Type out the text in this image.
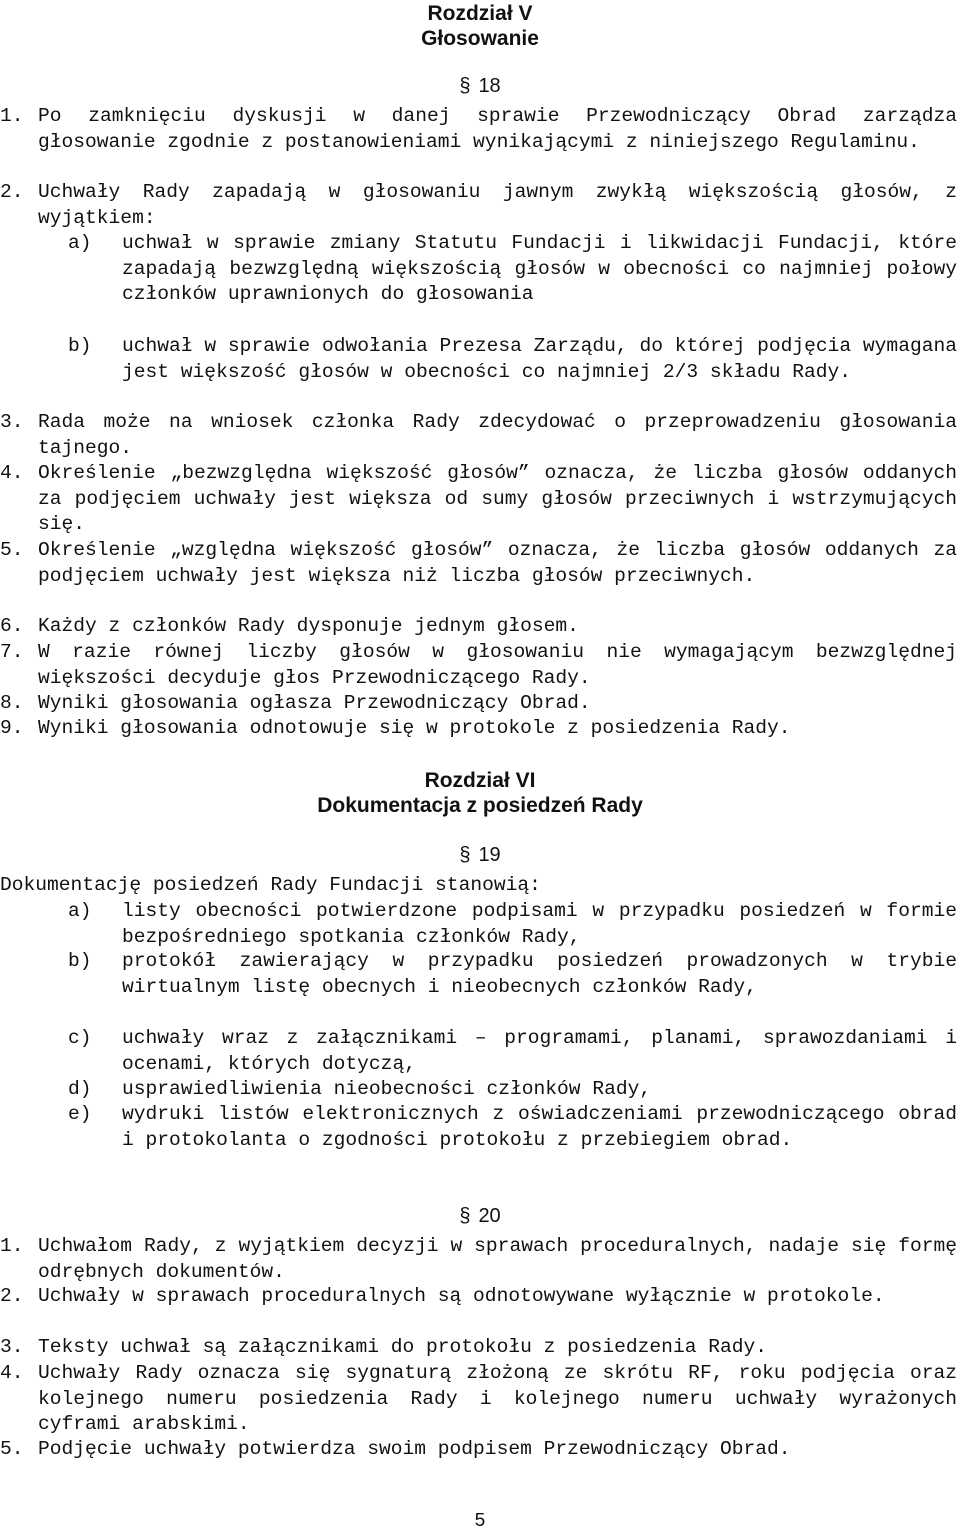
Rozdział V
Głosowanie
§ 18
1. Po zamknięciu dyskusji w danej sprawie Przewodniczący Obrad zarządza głosowanie zgodnie z postanowieniami wynikającymi z niniejszego Regulaminu.
2. Uchwały Rady zapadają w głosowaniu jawnym zwykłą większością głosów, z wyjątkiem:
a) uchwał w sprawie zmiany Statutu Fundacji i likwidacji Fundacji, które zapadają bezwzględną większością głosów w obecności co najmniej połowy członków uprawnionych do głosowania
b) uchwał w sprawie odwołania Prezesa Zarządu, do której podjęcia wymagana jest większość głosów w obecności co najmniej 2/3 składu Rady.
3. Rada może na wniosek członka Rady zdecydować o przeprowadzeniu głosowania tajnego.
4. Określenie „bezwzględna większość głosów” oznacza, że liczba głosów oddanych za podjęciem uchwały jest większa od sumy głosów przeciwnych i wstrzymujących się.
5. Określenie „względna większość głosów” oznacza, że liczba głosów oddanych za podjęciem uchwały jest większa niż liczba głosów przeciwnych.
6. Każdy z członków Rady dysponuje jednym głosem.
7. W razie równej liczby głosów w głosowaniu nie wymagającym bezwzględnej większości decyduje głos Przewodniczącego Rady.
8. Wyniki głosowania ogłasza Przewodniczący Obrad.
9. Wyniki głosowania odnotowuje się w protokole z posiedzenia Rady.
Rozdział VI
Dokumentacja z posiedzeń Rady
§ 19
Dokumentację posiedzeń Rady Fundacji stanowią:
a) listy obecności potwierdzone podpisami w przypadku posiedzeń w formie bezpośredniego spotkania członków Rady,
b) protokół zawierający w przypadku posiedzeń prowadzonych w trybie wirtualnym listę obecnych i nieobecnych członków Rady,
c) uchwały wraz z załącznikami – programami, planami, sprawozdaniami i ocenami, których dotyczą,
d) usprawiedliwienia nieobecności członków Rady,
e) wydruki listów elektronicznych z oświadczeniami przewodniczącego obrad i protokolanta o zgodności protokołu z przebiegiem obrad.
§ 20
1. Uchwałom Rady, z wyjątkiem decyzji w sprawach proceduralnych, nadaje się formę odrębnych dokumentów.
2. Uchwały w sprawach proceduralnych są odnotowywane wyłącznie w protokole.
3. Teksty uchwał są załącznikami do protokołu z posiedzenia Rady.
4. Uchwały Rady oznacza się sygnaturą złożoną ze skrótu RF, roku podjęcia oraz kolejnego numeru posiedzenia Rady i kolejnego numeru uchwały wyrażonych cyframi arabskimi.
5. Podjęcie uchwały potwierdza swoim podpisem Przewodniczący Obrad.
5
